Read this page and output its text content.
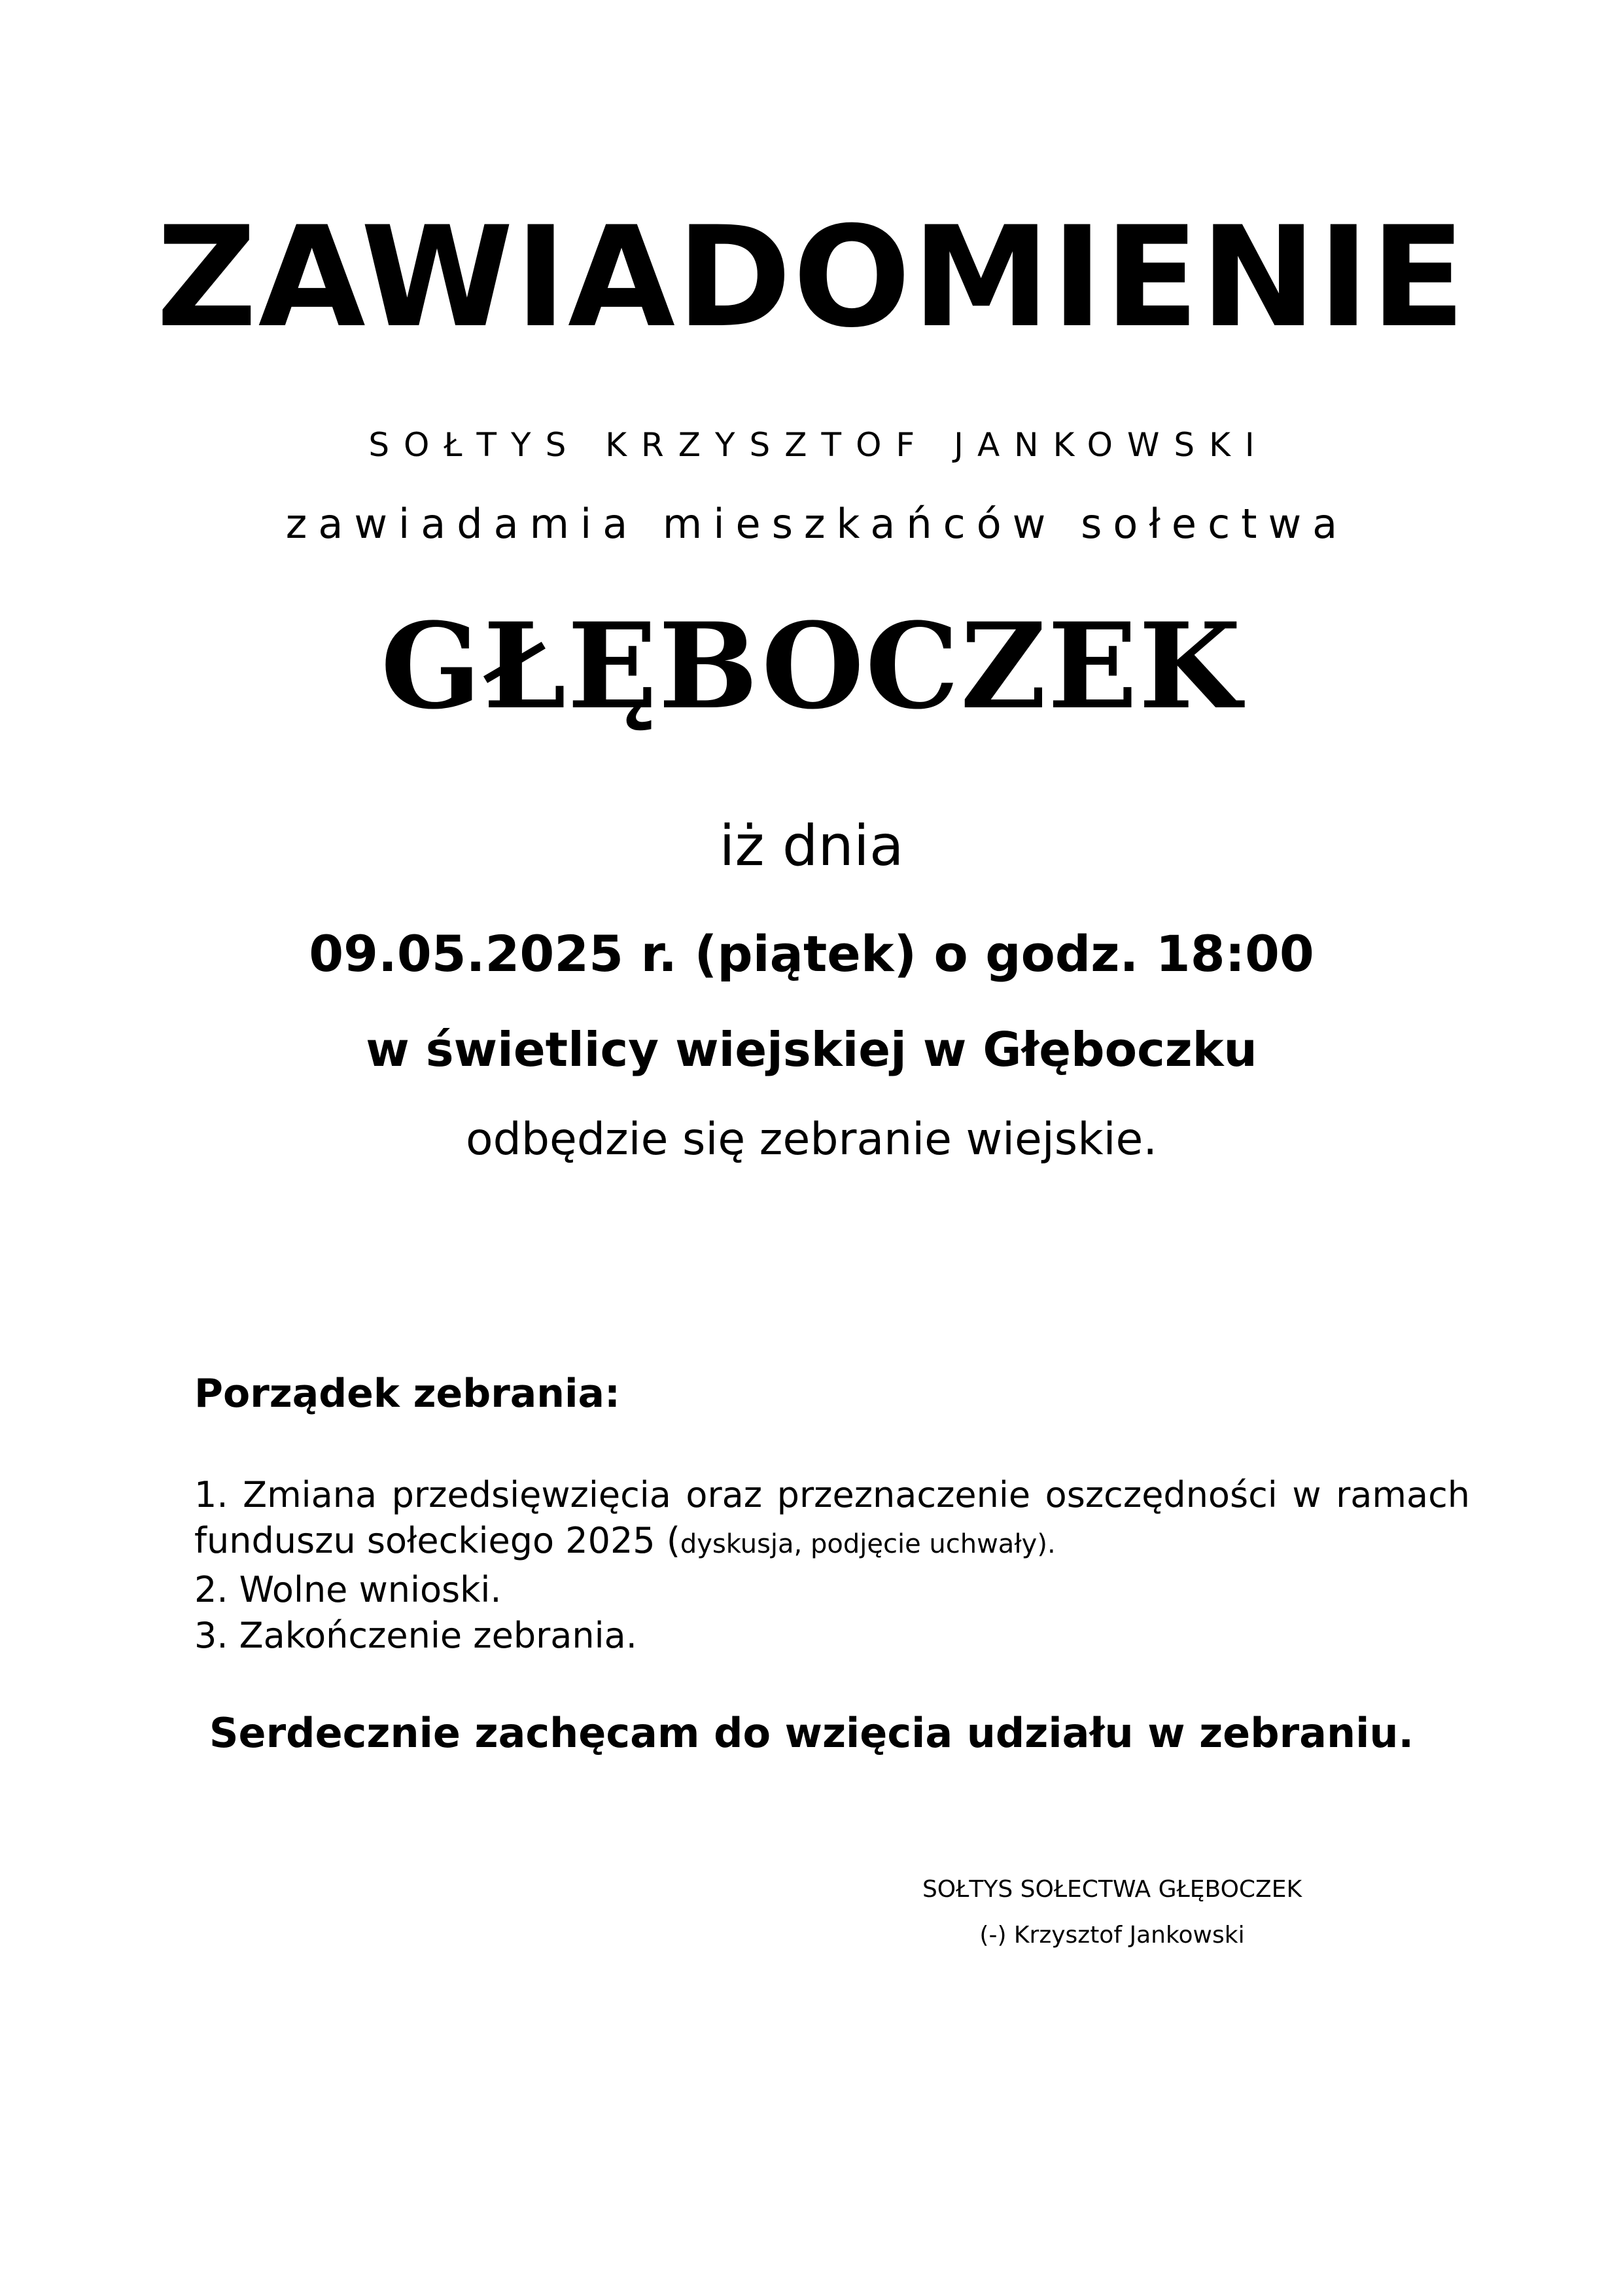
ZAWIADOMIENIE
SOŁTYS KRZYSZTOF JANKOWSKI
zawiadamia mieszkańców sołectwa
GŁĘBOCZEK
iż dnia
09.05.2025 r. (piątek) o godz. 18:00
w świetlicy wiejskiej w Głęboczku
odbędzie się zebranie wiejskie.
Porządek zebrania:
1. Zmiana przedsięwzięcia oraz przeznaczenie oszczędności w ramach funduszu sołeckiego 2025 (dyskusja, podjęcie uchwały).
2. Wolne wnioski.
3. Zakończenie zebrania.
Serdecznie zachęcam do wzięcia udziału w zebraniu.
SOŁTYS SOŁECTWA GŁĘBOCZEK
(-) Krzysztof Jankowski
